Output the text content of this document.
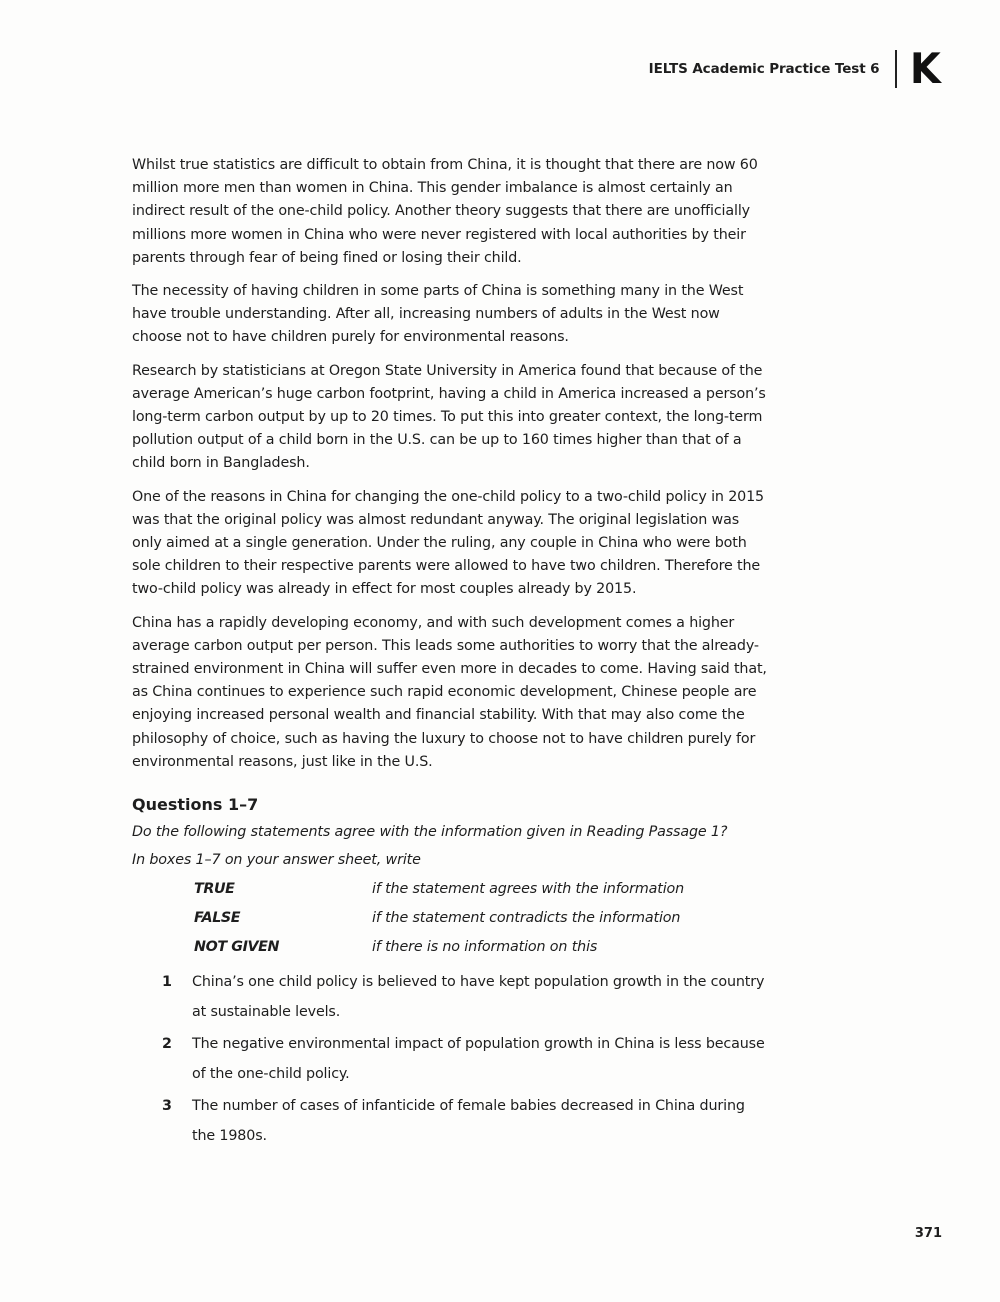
IELTS Academic Practice Test 6 K

Whilst true statistics are difficult to obtain from China, it is thought that there are now 60 million more men than women in China. This gender imbalance is almost certainly an indirect result of the one-child policy. Another theory suggests that there are unofficially millions more women in China who were never registered with local authorities by their parents through fear of being fined or losing their child.

The necessity of having children in some parts of China is something many in the West have trouble understanding. After all, increasing numbers of adults in the West now choose not to have children purely for environmental reasons.

Research by statisticians at Oregon State University in America found that because of the average American’s huge carbon footprint, having a child in America increased a person’s long-term carbon output by up to 20 times. To put this into greater context, the long-term pollution output of a child born in the U.S. can be up to 160 times higher than that of a child born in Bangladesh.

One of the reasons in China for changing the one-child policy to a two-child policy in 2015 was that the original policy was almost redundant anyway. The original legislation was only aimed at a single generation. Under the ruling, any couple in China who were both sole children to their respective parents were allowed to have two children. Therefore the two-child policy was already in effect for most couples already by 2015.

China has a rapidly developing economy, and with such development comes a higher average carbon output per person. This leads some authorities to worry that the already-strained environment in China will suffer even more in decades to come. Having said that, as China continues to experience such rapid economic development, Chinese people are enjoying increased personal wealth and financial stability. With that may also come the philosophy of choice, such as having the luxury to choose not to have children purely for environmental reasons, just like in the U.S.

Questions 1–7
Do the following statements agree with the information given in Reading Passage 1?
In boxes 1–7 on your answer sheet, write
TRUE	if the statement agrees with the information
FALSE	if the statement contradicts the information
NOT GIVEN	if there is no information on this
1	China’s one child policy is believed to have kept population growth in the country at sustainable levels.
2	The negative environmental impact of population growth in China is less because of the one-child policy.
3	The number of cases of infanticide of female babies decreased in China during the 1980s.
371
